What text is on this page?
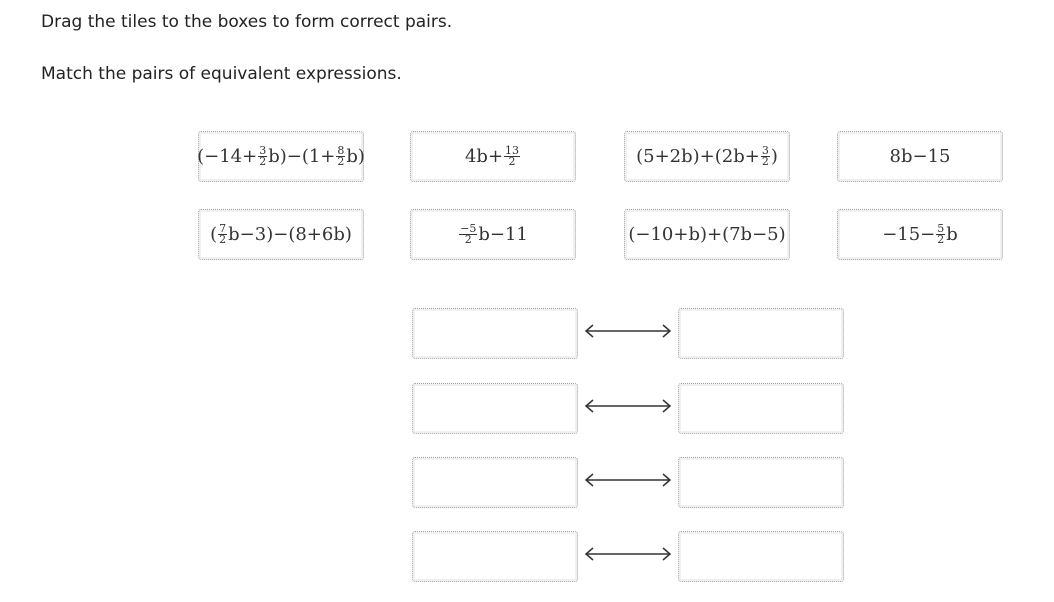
Drag the tiles to the boxes to form correct pairs.

Match the pairs of equivalent expressions.

$(-14+ \frac{3}{2} b)-(1+ \frac{8}{2} b)$	$4b+ \frac{13}{2}$	$(5+2b)+(2b+ \frac{3}{2}$ )	8b−15
( $\frac{7}{2} b-3)-(8+6b)$	$\frac{-5}{2} b-11$	(−10+b)+(7b−5)	$-15- \frac{5}{2}$ b
